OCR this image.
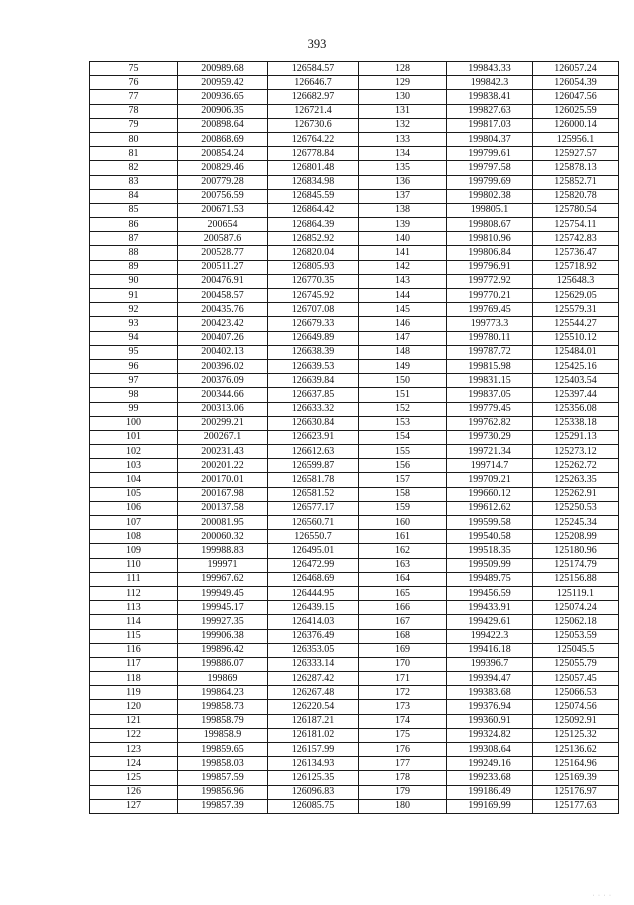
393
75	200989.68	126584.57	128	199843.33	126057.24
76	200959.42	126646.7	129	199842.3	126054.39
77	200936.65	126682.97	130	199838.41	126047.56
78	200906.35	126721.4	131	199827.63	126025.59
79	200898.64	126730.6	132	199817.03	126000.14
80	200868.69	126764.22	133	199804.37	125956.1
81	200854.24	126778.84	134	199799.61	125927.57
82	200829.46	126801.48	135	199797.58	125878.13
83	200779.28	126834.98	136	199799.69	125852.71
84	200756.59	126845.59	137	199802.38	125820.78
85	200671.53	126864.42	138	199805.1	125780.54
86	200654	126864.39	139	199808.67	125754.11
87	200587.6	126852.92	140	199810.96	125742.83
88	200528.77	126820.04	141	199806.84	125736.47
89	200511.27	126805.93	142	199796.91	125718.92
90	200476.91	126770.35	143	199772.92	125648.3
91	200458.57	126745.92	144	199770.21	125629.05
92	200435.76	126707.08	145	199769.45	125579.31
93	200423.42	126679.33	146	199773.3	125544.27
94	200407.26	126649.89	147	199780.11	125510.12
95	200402.13	126638.39	148	199787.72	125484.01
96	200396.02	126639.53	149	199815.98	125425.16
97	200376.09	126639.84	150	199831.15	125403.54
98	200344.66	126637.85	151	199837.05	125397.44
99	200313.06	126633.32	152	199779.45	125356.08
100	200299.21	126630.84	153	199762.82	125338.18
101	200267.1	126623.91	154	199730.29	125291.13
102	200231.43	126612.63	155	199721.34	125273.12
103	200201.22	126599.87	156	199714.7	125262.72
104	200170.01	126581.78	157	199709.21	125263.35
105	200167.98	126581.52	158	199660.12	125262.91
106	200137.58	126577.17	159	199612.62	125250.53
107	200081.95	126560.71	160	199599.58	125245.34
108	200060.32	126550.7	161	199540.58	125208.99
109	199988.83	126495.01	162	199518.35	125180.96
110	199971	126472.99	163	199509.99	125174.79
111	199967.62	126468.69	164	199489.75	125156.88
112	199949.45	126444.95	165	199456.59	125119.1
113	199945.17	126439.15	166	199433.91	125074.24
114	199927.35	126414.03	167	199429.61	125062.18
115	199906.38	126376.49	168	199422.3	125053.59
116	199896.42	126353.05	169	199416.18	125045.5
117	199886.07	126333.14	170	199396.7	125055.79
118	199869	126287.42	171	199394.47	125057.45
119	199864.23	126267.48	172	199383.68	125066.53
120	199858.73	126220.54	173	199376.94	125074.56
121	199858.79	126187.21	174	199360.91	125092.91
122	199858.9	126181.02	175	199324.82	125125.32
123	199859.65	126157.99	176	199308.64	125136.62
124	199858.03	126134.93	177	199249.16	125164.96
125	199857.59	126125.35	178	199233.68	125169.39
126	199856.96	126096.83	179	199186.49	125176.97
127	199857.39	126085.75	180	199169.99	125177.63
· · · ·
